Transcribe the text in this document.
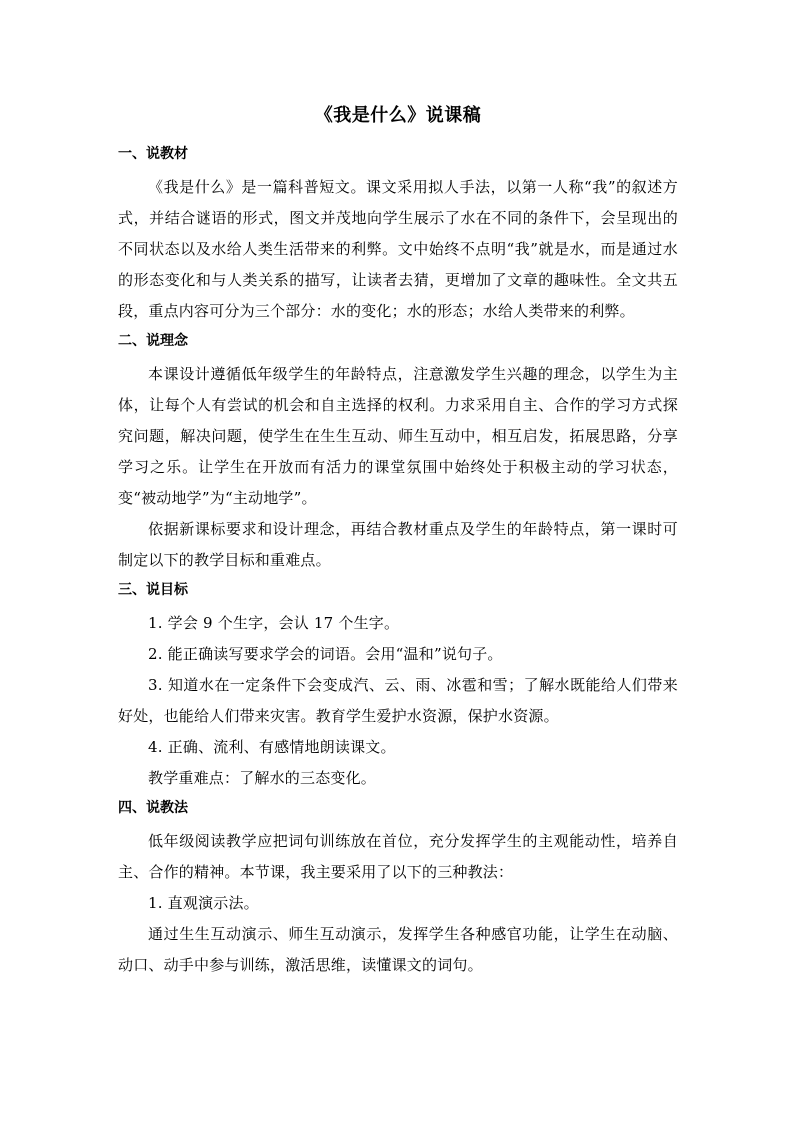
《我是什么》说课稿
一、说教材

《我是什么》是一篇科普短文。课文采用拟人手法，以第一人称“我”的叙述方式，并结合谜语的形式，图文并茂地向学生展示了水在不同的条件下，会呈现出的不同状态以及水给人类生活带来的利弊。文中始终不点明“我”就是水，而是通过水的形态变化和与人类关系的描写，让读者去猜，更增加了文章的趣味性。全文共五段，重点内容可分为三个部分：水的变化；水的形态；水给人类带来的利弊。

二、说理念

本课设计遵循低年级学生的年龄特点，注意激发学生兴趣的理念，以学生为主体，让每个人有尝试的机会和自主选择的权利。力求采用自主、合作的学习方式探究问题，解决问题，使学生在生生互动、师生互动中，相互启发，拓展思路，分享学习之乐。让学生在开放而有活力的课堂氛围中始终处于积极主动的学习状态，变“被动地学”为“主动地学”。

依据新课标要求和设计理念，再结合教材重点及学生的年龄特点，第一课时可制定以下的教学目标和重难点。

三、说目标

1. 学会 9 个生字，会认 17 个生字。

2. 能正确读写要求学会的词语。会用“温和”说句子。

3. 知道水在一定条件下会变成汽、云、雨、冰雹和雪；了解水既能给人们带来好处，也能给人们带来灾害。教育学生爱护水资源，保护水资源。

4. 正确、流利、有感情地朗读课文。

教学重难点：了解水的三态变化。

四、说教法

低年级阅读教学应把词句训练放在首位，充分发挥学生的主观能动性，培养自主、合作的精神。本节课，我主要采用了以下的三种教法：

1. 直观演示法。

通过生生互动演示、师生互动演示，发挥学生各种感官功能，让学生在动脑、动口、动手中参与训练，激活思维，读懂课文的词句。
